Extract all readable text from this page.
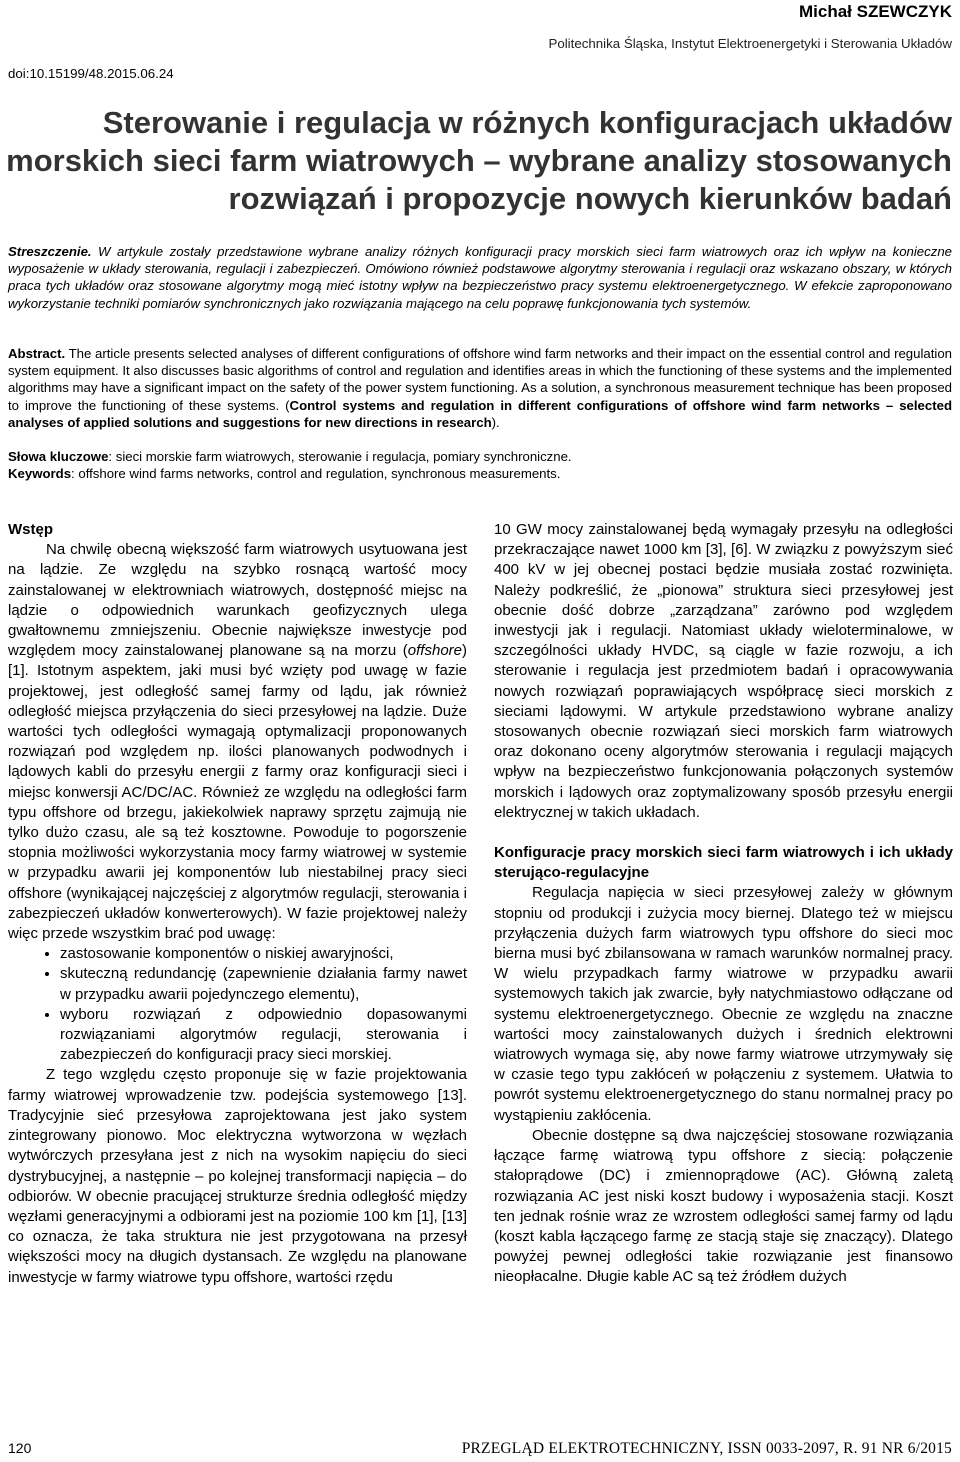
Michał SZEWCZYK
Politechnika Śląska, Instytut Elektroenergetyki i Sterowania Układów
doi:10.15199/48.2015.06.24
Sterowanie i regulacja w różnych konfiguracjach układów
morskich sieci farm wiatrowych – wybrane analizy stosowanych
rozwiązań i propozycje nowych kierunków badań
Streszczenie. W artykule zostały przedstawione wybrane analizy różnych konfiguracji pracy morskich sieci farm wiatrowych oraz ich wpływ na konieczne wyposażenie w układy sterowania, regulacji i zabezpieczeń. Omówiono również podstawowe algorytmy sterowania i regulacji oraz wskazano obszary, w których praca tych układów oraz stosowane algorytmy mogą mieć istotny wpływ na bezpieczeństwo pracy systemu elektroenergetycznego. W efekcie zaproponowano wykorzystanie techniki pomiarów synchronicznych jako rozwiązania mającego na celu poprawę funkcjonowania tych systemów.
Abstract. The article presents selected analyses of different configurations of offshore wind farm networks and their impact on the essential control and regulation system equipment. It also discusses basic algorithms of control and regulation and identifies areas in which the functioning of these systems and the implemented algorithms may have a significant impact on the safety of the power system functioning. As a solution, a synchronous measurement technique has been proposed to improve the functioning of these systems. (Control systems and regulation in different configurations of offshore wind farm networks – selected analyses of applied solutions and suggestions for new directions in research).
Słowa kluczowe: sieci morskie farm wiatrowych, sterowanie i regulacja, pomiary synchroniczne.
Keywords: offshore wind farms networks, control and regulation, synchronous measurements.
Wstęp

Na chwilę obecną większość farm wiatrowych usytuowana jest na lądzie. Ze względu na szybko rosnącą wartość mocy zainstalowanej w elektrowniach wiatrowych, dostępność miejsc na lądzie o odpowiednich warunkach geofizycznych ulega gwałtownemu zmniejszeniu. Obecnie największe inwestycje pod względem mocy zainstalowanej planowane są na morzu (offshore) [1]. Istotnym aspektem, jaki musi być wzięty pod uwagę w fazie projektowej, jest odległość samej farmy od lądu, jak również odległość miejsca przyłączenia do sieci przesyłowej na lądzie. Duże wartości tych odległości wymagają optymalizacji proponowanych rozwiązań pod względem np. ilości planowanych podwodnych i lądowych kabli do przesyłu energii z farmy oraz konfiguracji sieci i miejsc konwersji AC/DC/AC. Również ze względu na odległości farm typu offshore od brzegu, jakiekolwiek naprawy sprzętu zajmują nie tylko dużo czasu, ale są też kosztowne. Powoduje to pogorszenie stopnia możliwości wykorzystania mocy farmy wiatrowej w systemie w przypadku awarii jej komponentów lub niestabilnej pracy sieci offshore (wynikającej najczęściej z algorytmów regulacji, sterowania i zabezpieczeń układów konwerterowych). W fazie projektowej należy więc przede wszystkim brać pod uwagę:

• zastosowanie komponentów o niskiej awaryjności,
• skuteczną redundancję (zapewnienie działania farmy nawet w przypadku awarii pojedynczego elementu),
• wyboru rozwiązań z odpowiednio dopasowanymi rozwiązaniami algorytmów regulacji, sterowania i zabezpieczeń do konfiguracji pracy sieci morskiej.

Z tego względu często proponuje się w fazie projektowania farmy wiatrowej wprowadzenie tzw. podejścia systemowego [13]. Tradycyjnie sieć przesyłowa zaprojektowana jest jako system zintegrowany pionowo. Moc elektryczna wytworzona w węzłach wytwórczych przesyłana jest z nich na wysokim napięciu do sieci dystrybucyjnej, a następnie – po kolejnej transformacji napięcia – do odbiorów. W obecnie pracującej strukturze średnia odległość między węzłami generacyjnymi a odbiorami jest na poziomie 100 km [1], [13] co oznacza, że taka struktura nie jest przygotowana na przesył większości mocy na długich dystansach. Ze względu na planowane inwestycje w farmy wiatrowe typu offshore, wartości rzędu

10 GW mocy zainstalowanej będą wymagały przesyłu na odległości przekraczające nawet 1000 km [3], [6]. W związku z powyższym sieć 400 kV w jej obecnej postaci będzie musiała zostać rozwinięta. Należy podkreślić, że „pionowa” struktura sieci przesyłowej jest obecnie dość dobrze „zarządzana” zarówno pod względem inwestycji jak i regulacji. Natomiast układy wieloterminalowe, w szczególności układy HVDC, są ciągle w fazie rozwoju, a ich sterowanie i regulacja jest przedmiotem badań i opracowywania nowych rozwiązań poprawiających współpracę sieci morskich z sieciami lądowymi. W artykule przedstawiono wybrane analizy stosowanych obecnie rozwiązań sieci morskich farm wiatrowych oraz dokonano oceny algorytmów sterowania i regulacji mających wpływ na bezpieczeństwo funkcjonowania połączonych systemów morskich i lądowych oraz zoptymalizowany sposób przesyłu energii elektrycznej w takich układach.

Konfiguracje pracy morskich sieci farm wiatrowych i ich układy sterująco-regulacyjne

Regulacja napięcia w sieci przesyłowej zależy w głównym stopniu od produkcji i zużycia mocy biernej. Dlatego też w miejscu przyłączenia dużych farm wiatrowych typu offshore do sieci moc bierna musi być zbilansowana w ramach warunków normalnej pracy. W wielu przypadkach farmy wiatrowe w przypadku awarii systemowych takich jak zwarcie, były natychmiastowo odłączane od systemu elektroenergetycznego. Obecnie ze względu na znaczne wartości mocy zainstalowanych dużych i średnich elektrowni wiatrowych wymaga się, aby nowe farmy wiatrowe utrzymywały się w czasie tego typu zakłóceń w połączeniu z systemem. Ułatwia to powrót systemu elektroenergetycznego do stanu normalnej pracy po wystąpieniu zakłócenia.

Obecnie dostępne są dwa najczęściej stosowane rozwiązania łączące farmę wiatrową typu offshore z siecią: połączenie stałoprądowe (DC) i zmiennoprądowe (AC). Główną zaletą rozwiązania AC jest niski koszt budowy i wyposażenia stacji. Koszt ten jednak rośnie wraz ze wzrostem odległości samej farmy od lądu (koszt kabla łączącego farmę ze stacją staje się znaczący). Dlatego powyżej pewnej odległości takie rozwiązanie jest finansowo nieopłacalne. Długie kable AC są też źródłem dużych

120	PRZEGLĄD ELEKTROTECHNICZNY, ISSN 0033-2097, R. 91 NR 6/2015
